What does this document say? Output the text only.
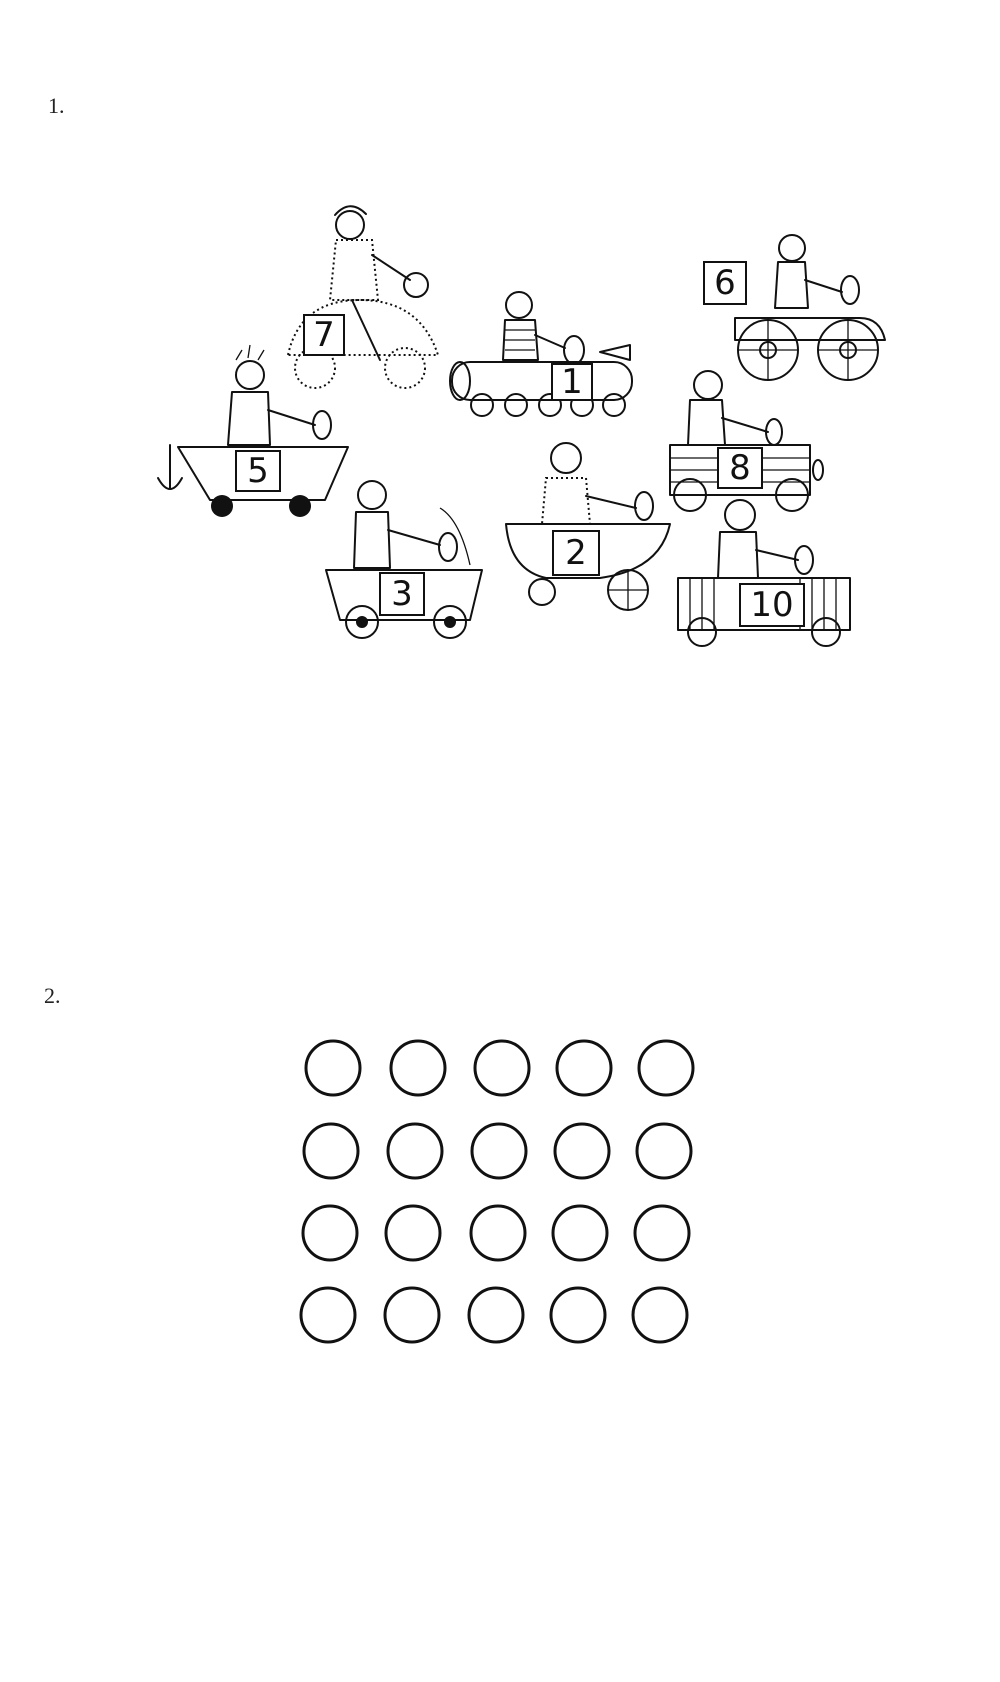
1.
2.
7
1
6
5	8
3
2
10
